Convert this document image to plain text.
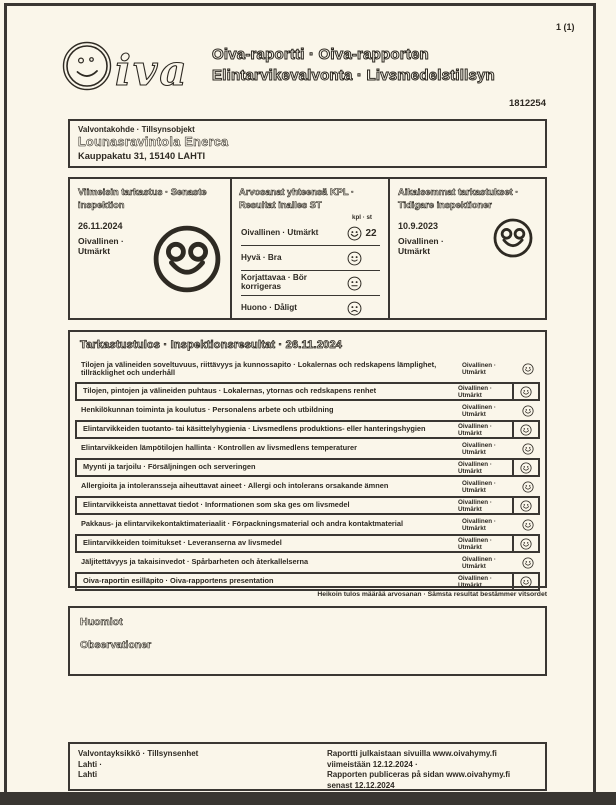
1 (1)
iva Oiva-raportti · Oiva-rapporten
Elintarvikevalvonta · Livsmedelstillsyn
1812254
Valvontakohde · Tillsynsobjekt
Lounasravintola Enerca
Kauppakatu 31, 15140 LAHTI
Viimeisin tarkastus · Senaste inspektion
26.11.2024
Oivallinen ·
Utmärkt
Arvosanat yhteensä KPL · Resultat inalles ST
kpl · st
Oivallinen · Utmärkt	22
Hyvä · Bra
Korjattavaa · Bör korrigeras
Huono · Dåligt
Aikaisemmat tarkastukset · Tidigare inspektioner
10.9.2023
Oivallinen ·
Utmärkt
Tarkastustulos · Inspektionsresultat · 26.11.2024
Tilojen ja välineiden soveltuvuus, riittävyys ja kunnossapito · Lokalernas och redskapens lämplighet, tillräcklighet och underhåll
Oivallinen ·
Utmärkt
Tilojen, pintojen ja välineiden puhtaus · Lokalernas, ytornas och redskapens renhet	Oivallinen ·
Utmärkt
Henkilökunnan toiminta ja koulutus · Personalens arbete och utbildning	Oivallinen ·
Utmärkt
Elintarvikkeiden tuotanto- tai käsittelyhygienia · Livsmedlens produktions- eller hanteringshygien	Oivallinen ·
Utmärkt
Elintarvikkeiden lämpötilojen hallinta · Kontrollen av livsmedlens temperaturer	Oivallinen ·
Utmärkt
Myynti ja tarjoilu · Försäljningen och serveringen	Oivallinen ·
Utmärkt
Allergioita ja intoleransseja aiheuttavat aineet · Allergi och intolerans orsakande ämnen	Oivallinen ·
Utmärkt
Elintarvikkeista annettavat tiedot · Informationen som ska ges om livsmedel	Oivallinen ·
Utmärkt
Pakkaus- ja elintarvikekontaktimateriaalit · Förpackningsmaterial och andra kontaktmaterial	Oivallinen ·
Utmärkt
Elintarvikkeiden toimitukset · Leveranserna av livsmedel	Oivallinen ·
Utmärkt
Jäljitettävyys ja takaisinvedot · Spårbarheten och återkallelserna	Oivallinen ·
Utmärkt
Oiva-raportin esilläpito · Oiva-rapportens presentation	Oivallinen ·
Utmärkt
Heikoin tulos määrää arvosanan · Sämsta resultat bestämmer vitsordet
Huomiot
Observationer
Valvontayksikkö · Tillsynsenhet
Lahti ·
Lahti
Raportti julkaistaan sivuilla www.oivahymy.fi
viimeistään 12.12.2024 ·
Rapporten publiceras på sidan www.oivahymy.fi
senast 12.12.2024
